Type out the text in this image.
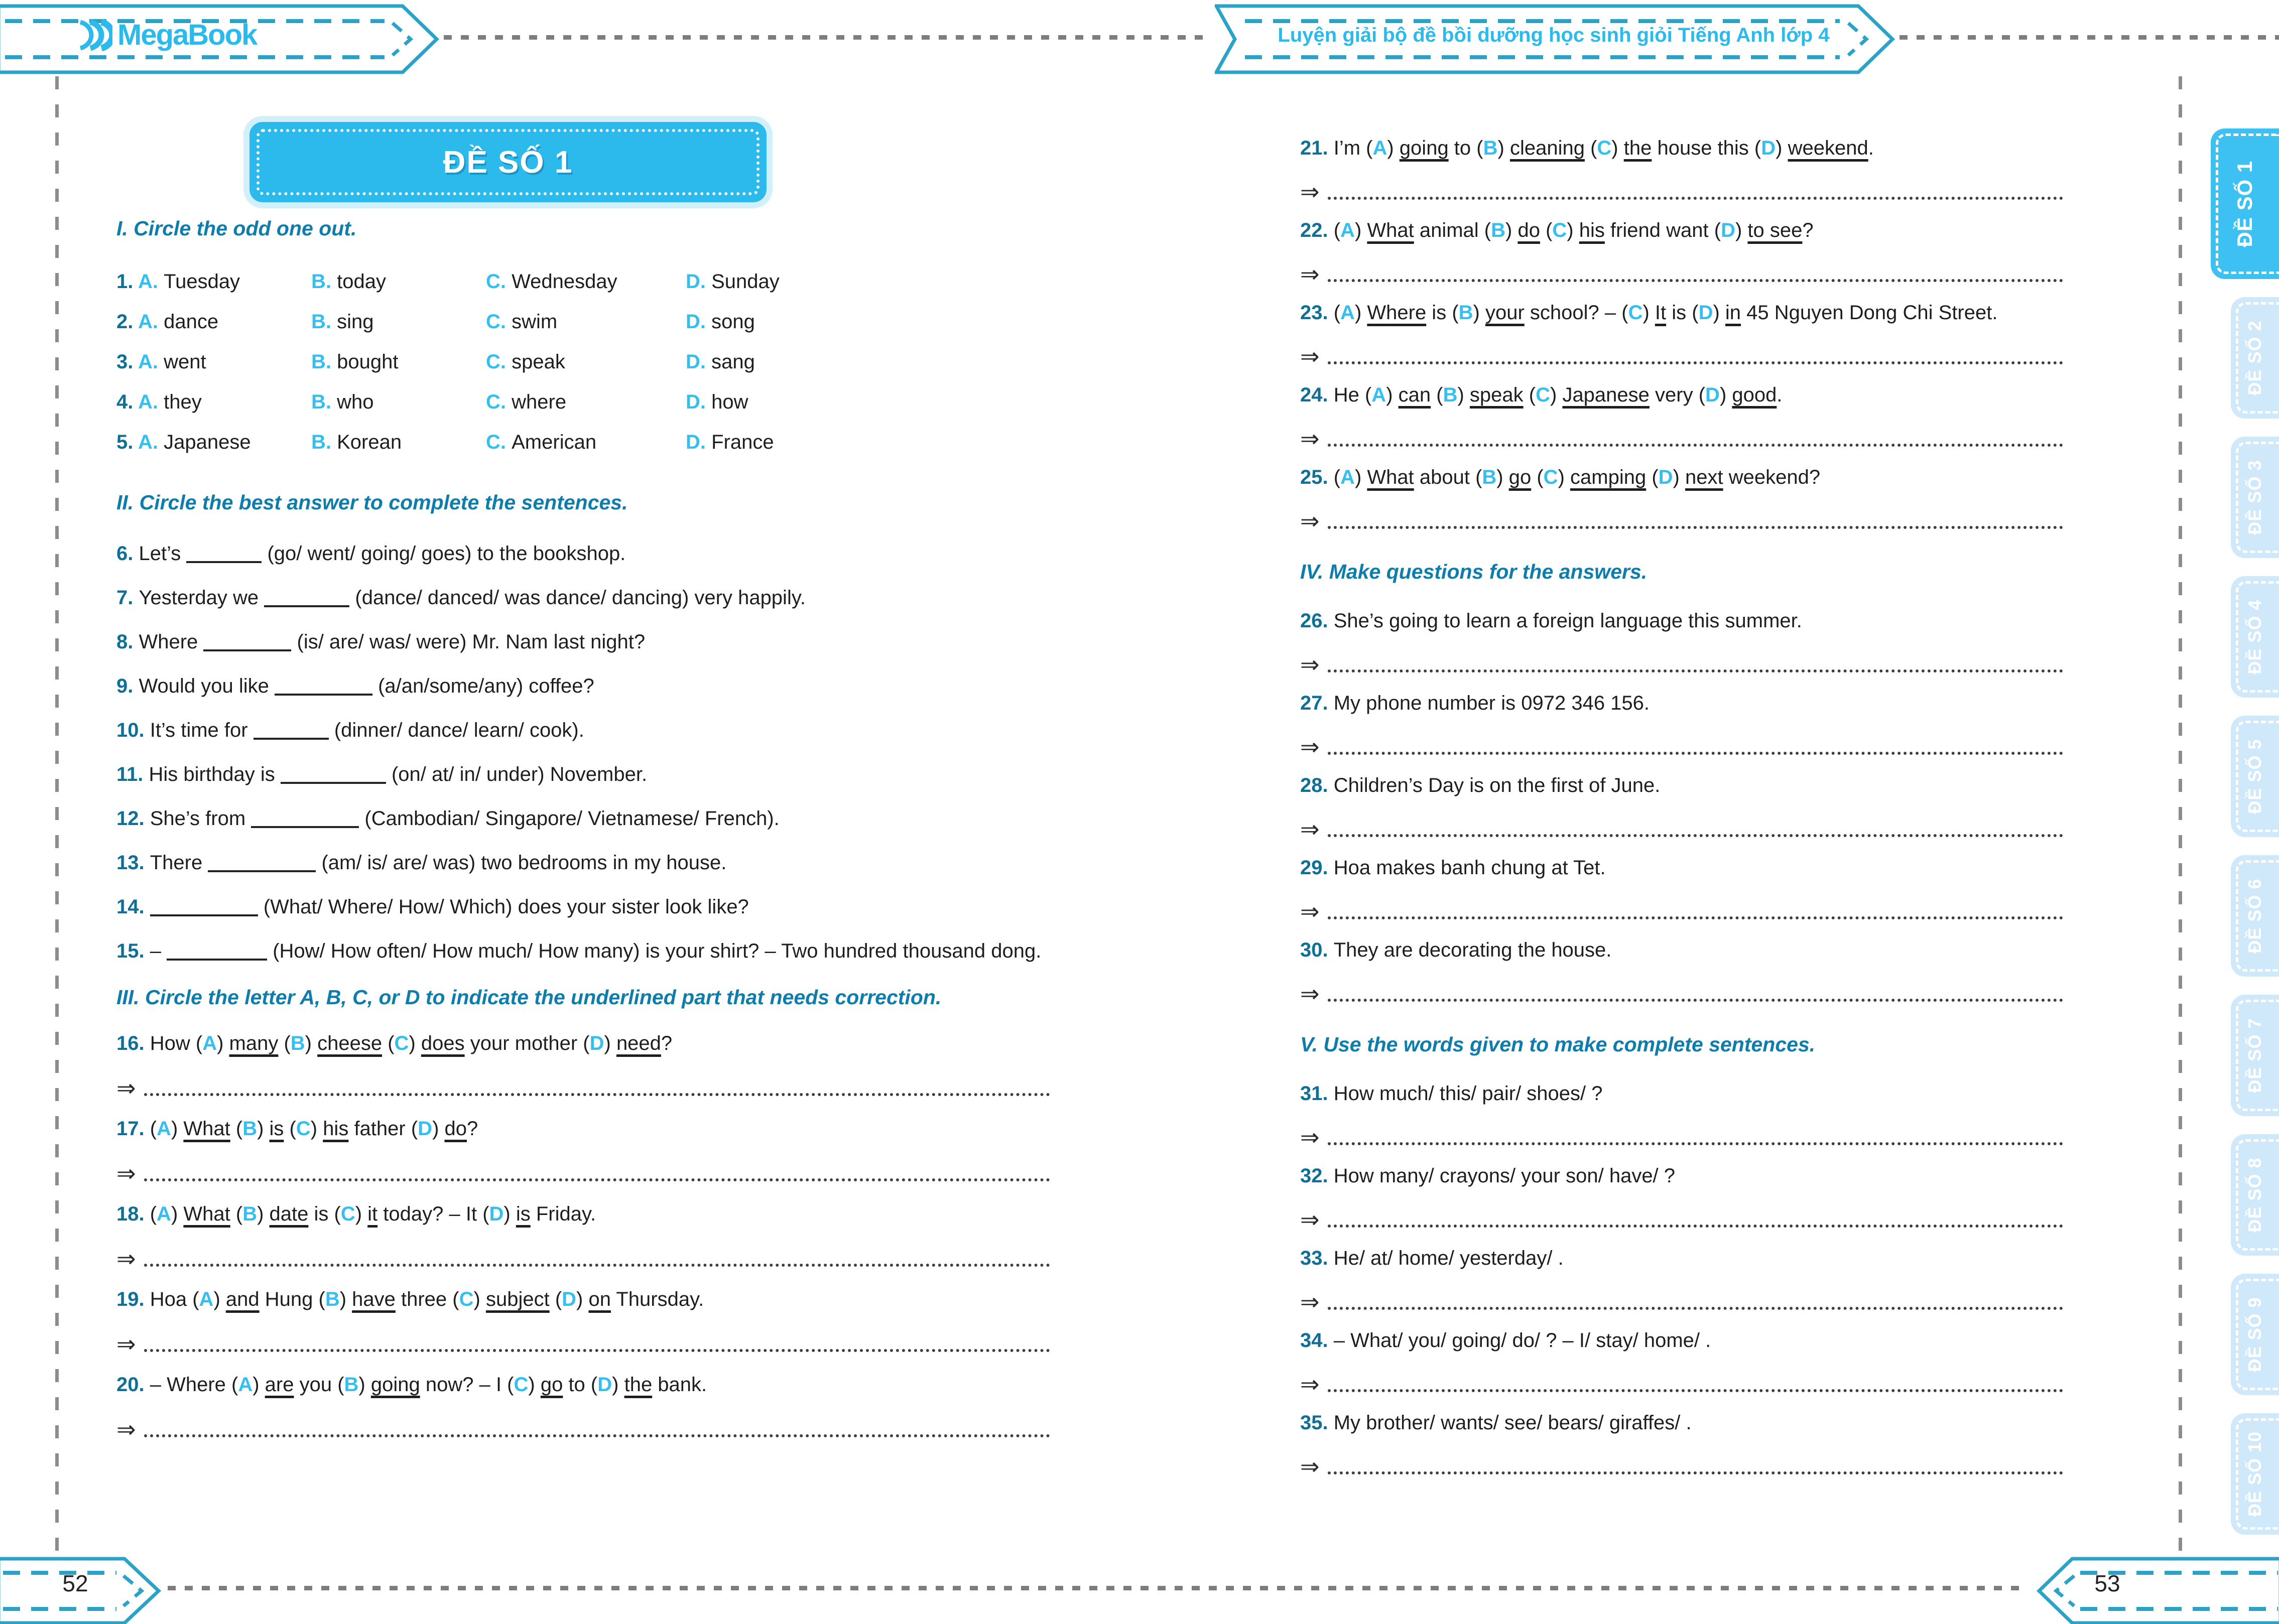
MegaBook	Luyện giải bộ đề bồi dưỡng học sinh giỏi Tiếng Anh lớp 4
ĐỀ SỐ 1
I. Circle the odd one out.
1. A. Tuesday	B. today	C. Wednesday	D. Sunday
2. A. dance	B. sing	C. swim	D. song
3. A. went	B. bought	C. speak	D. sang
4. A. they	B. who	C. where	D. how
5. A. Japanese	B. Korean	C. American	D. France
II. Circle the best answer to complete the sentences.
6. Let’s	(go/ went/ going/ goes) to the bookshop.
7. Yesterday we	(dance/ danced/ was dance/ dancing) very happily.
8. Where	(is/ are/ was/ were) Mr. Nam last night?
9. Would you like	(a/an/some/any) coffee?
10. It’s time for	(dinner/ dance/ learn/ cook).
11. His birthday is	(on/ at/ in/ under) November.
12. She’s from	(Cambodian/ Singapore/ Vietnamese/ French).
13. There	(am/ is/ are/ was) two bedrooms in my house.
14.	(What/ Where/ How/ Which) does your sister look like?
15. –	(How/ How often/ How much/ How many) is your shirt? – Two hundred thousand dong.
III. Circle the letter A, B, C, or D to indicate the underlined part that needs correction.
16. How (A) many (B) cheese (C) does your mother (D) need?
⇒
17. (A) What (B) is (C) his father (D) do?
⇒
18. (A) What (B) date is (C) it today? – It (D) is Friday.
⇒
19. Hoa (A) and Hung (B) have three (C) subject (D) on Thursday.
⇒
20. – Where (A) are you (B) going now? – I (C) go to (D) the bank.
⇒
21. I’m (A) going to (B) cleaning (C) the house this (D) weekend.
⇒
22. (A) What animal (B) do (C) his friend want (D) to see?
⇒
23. (A) Where is (B) your school? – (C) It is (D) in 45 Nguyen Dong Chi Street.
⇒
24. He (A) can (B) speak (C) Japanese very (D) good.
⇒
25. (A) What about (B) go (C) camping (D) next weekend?
⇒
IV. Make questions for the answers.
26. She’s going to learn a foreign language this summer.
⇒
27. My phone number is 0972 346 156.
⇒
28. Children’s Day is on the first of June.
⇒
29. Hoa makes banh chung at Tet.
⇒
30. They are decorating the house.
⇒
V. Use the words given to make complete sentences.
31. How much/ this/ pair/ shoes/ ?
⇒
32. How many/ crayons/ your son/ have/ ?
⇒
33. He/ at/ home/ yesterday/ .
⇒
34. – What/ you/ going/ do/ ? – I/ stay/ home/ .
⇒
35. My brother/ wants/ see/ bears/ giraffes/ .
⇒
ĐỀ SỐ 1
ĐỀ SỐ 2
ĐỀ SỐ 3
ĐỀ SỐ 4
ĐỀ SỐ 5
ĐỀ SỐ 6
ĐỀ SỐ 7
ĐỀ SỐ 8
ĐỀ SỐ 9
ĐỀ SỐ 10
52	53
